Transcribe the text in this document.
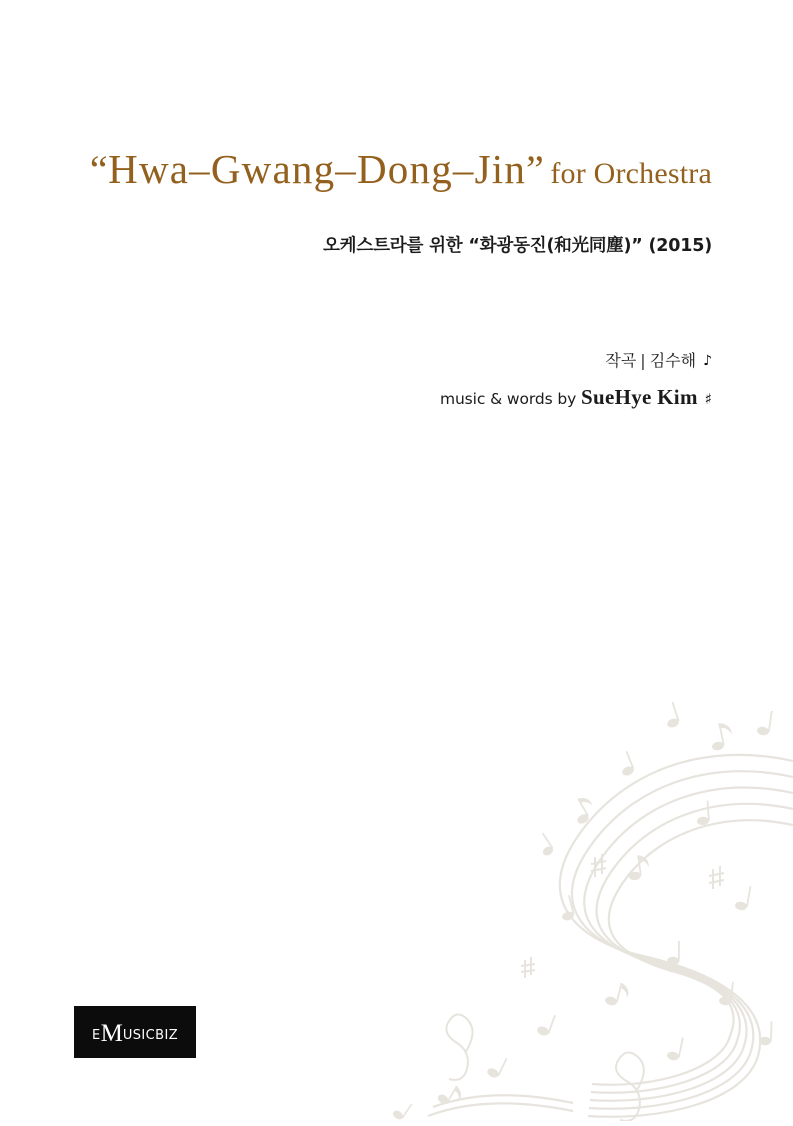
“Hwa–Gwang–Dong–Jin” for Orchestra
오케스트라를 위한 “화광동진(和光同塵)” (2015)
작곡 | 김수해 ♪
music & words by SueHye Kim ♯
E M USICBIZ
